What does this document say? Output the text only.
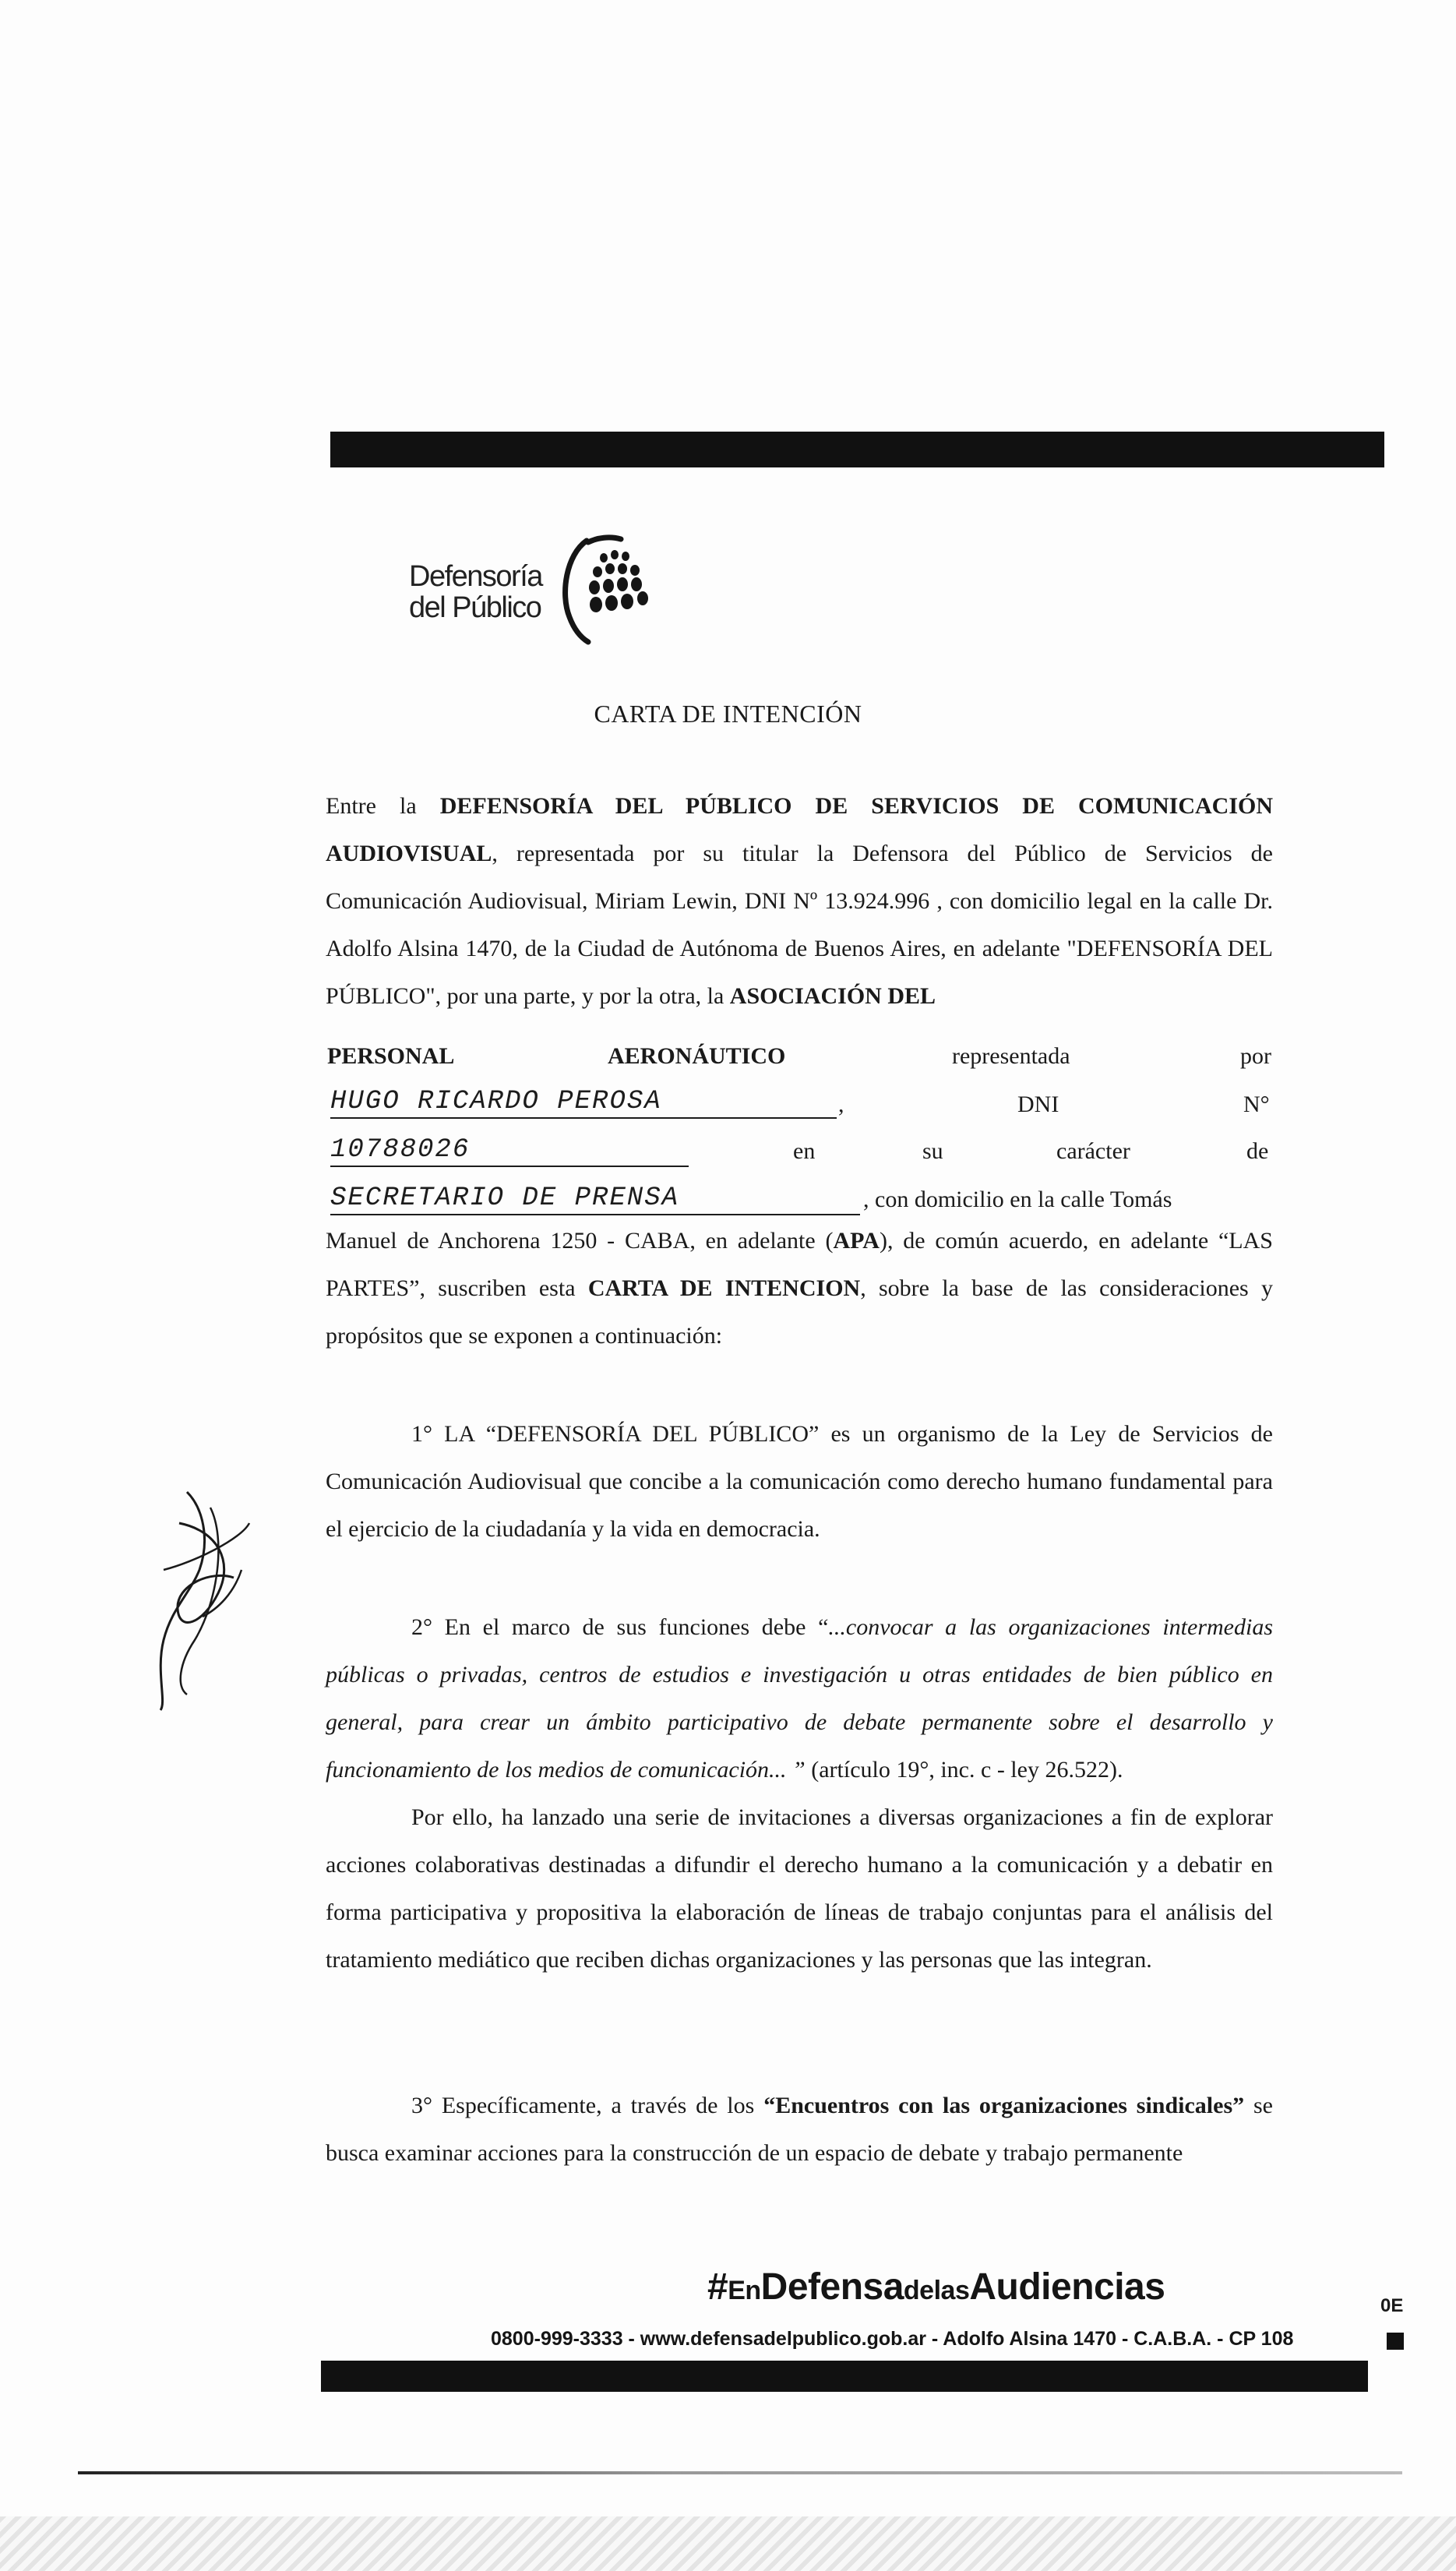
Defensoría
del Público
CARTA DE INTENCIÓN

Entre la DEFENSORÍA DEL PÚBLICO DE SERVICIOS DE COMUNICACIÓN AUDIOVISUAL, representada por su titular la Defensora del Público de Servicios de Comunicación Audiovisual, Miriam Lewin, DNI Nº 13.924.996 , con domicilio legal en la calle Dr. Adolfo Alsina 1470, de la Ciudad de Autónoma de Buenos Aires, en adelante "DEFENSORÍA DEL PÚBLICO", por una parte, y por la otra, la ASOCIACIÓN DEL

PERSONAL	AERONÁUTICO	representada	por
HUGO RICARDO PEROSA	,	DNI	N°
10788026	en	su	carácter	de
SECRETARIO DE PRENSA	, con domicilio en la calle Tomás

Manuel de Anchorena 1250 - CABA, en adelante (APA), de común acuerdo, en adelante “LAS PARTES”, suscriben esta CARTA DE INTENCION, sobre la base de las consideraciones y propósitos que se exponen a continuación:

1° LA “DEFENSORÍA DEL PÚBLICO” es un organismo de la Ley de Servicios de Comunicación Audiovisual que concibe a la comunicación como derecho humano fundamental para el ejercicio de la ciudadanía y la vida en democracia.

2° En el marco de sus funciones debe “...convocar a las organizaciones intermedias públicas o privadas, centros de estudios e investigación u otras entidades de bien público en general, para crear un ámbito participativo de debate permanente sobre el desarrollo y funcionamiento de los medios de comunicación... ” (artículo 19°, inc. c - ley 26.522).

Por ello, ha lanzado una serie de invitaciones a diversas organizaciones a fin de explorar acciones colaborativas destinadas a difundir el derecho humano a la comunicación y a debatir en forma participativa y propositiva la elaboración de líneas de trabajo conjuntas para el análisis del tratamiento mediático que reciben dichas organizaciones y las personas que las integran.

3° Específicamente, a través de los “Encuentros con las organizaciones sindicales” se busca examinar acciones para la construcción de un espacio de debate y trabajo permanente

#EnDefensadelasAudiencias

0800-999-3333 - www.defensadelpublico.gob.ar - Adolfo Alsina 1470 - C.A.B.A. - CP 108

0E
